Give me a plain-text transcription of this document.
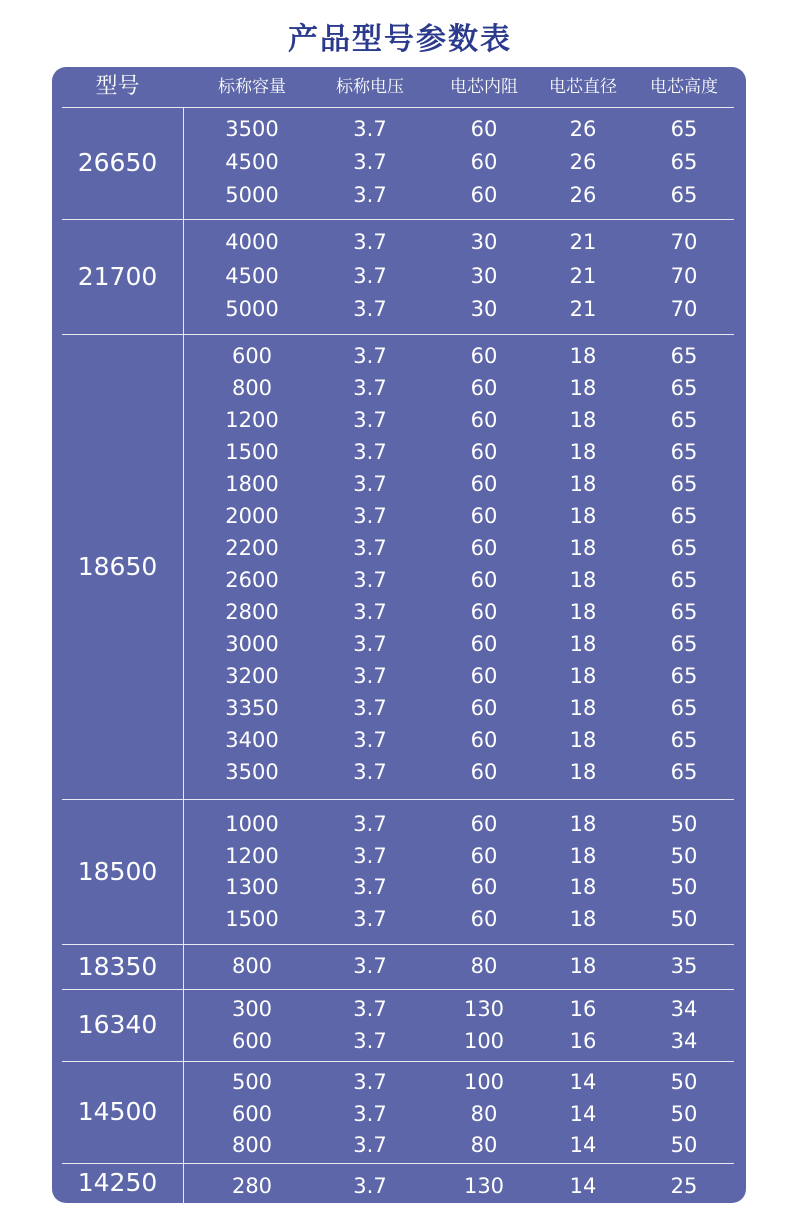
产品型号参数表
型号	标称容量	标称电压	电芯内阻	电芯直径	电芯高度
26650
3500	3.7	60	26	65
4500	3.7	60	26	65
5000	3.7	60	26	65
21700
4000	3.7	30	21	70
4500	3.7	30	21	70
5000	3.7	30	21	70
18650
600	3.7	60	18	65
800	3.7	60	18	65
1200	3.7	60	18	65
1500	3.7	60	18	65
1800	3.7	60	18	65
2000	3.7	60	18	65
2200	3.7	60	18	65
2600	3.7	60	18	65
2800	3.7	60	18	65
3000	3.7	60	18	65
3200	3.7	60	18	65
3350	3.7	60	18	65
3400	3.7	60	18	65
3500	3.7	60	18	65
18500
1000	3.7	60	18	50
1200	3.7	60	18	50
1300	3.7	60	18	50
1500	3.7	60	18	50
18350	800	3.7	80	18	35
16340
300	3.7	130	16	34
600	3.7	100	16	34
14500
500	3.7	100	14	50
600	3.7	80	14	50
800	3.7	80	14	50
14250	280	3.7	130	14	25
